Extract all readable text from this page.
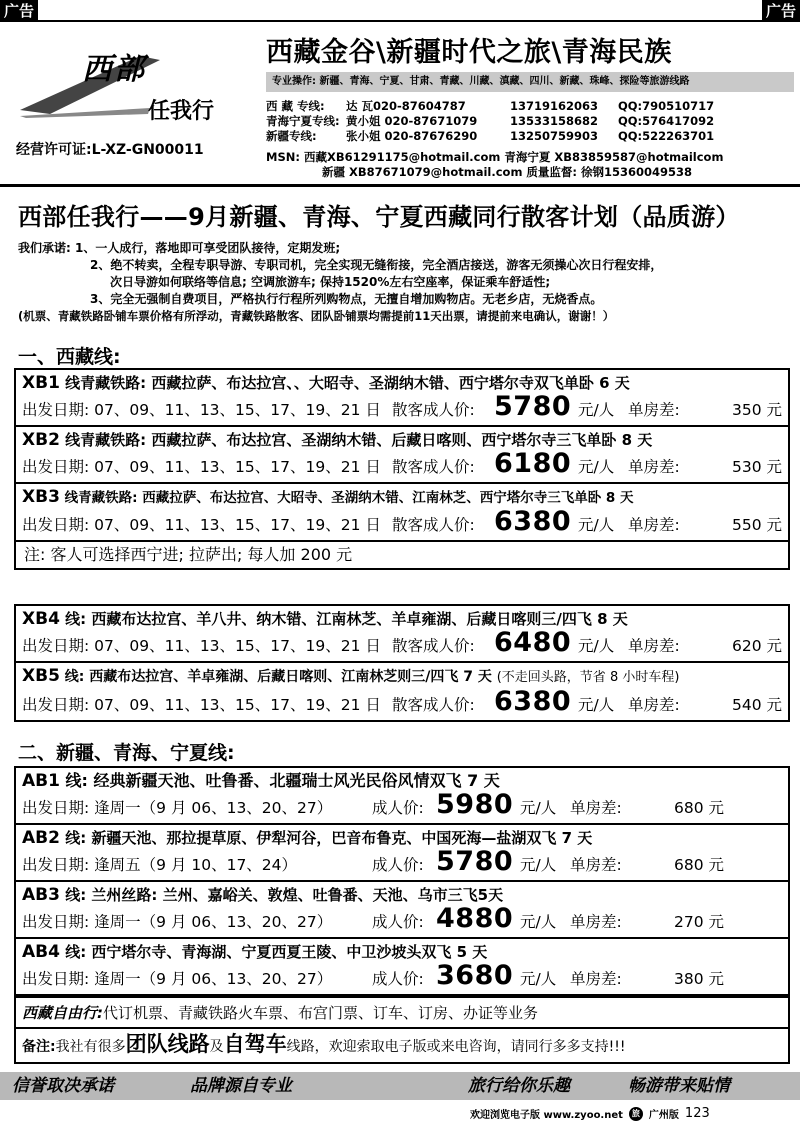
广告	广告
西部
任我行
经营许可证:L-XZ-GN00011
西藏金谷\新疆时代之旅\青海民族
专业操作: 新疆、青海、宁夏、甘肃、青藏、川藏、滇藏、四川、新藏、珠峰、探险等旅游线路
西 藏 专线:	达 瓦020-87604787	13719162063	QQ:790510717
青海宁夏专线: 黄小姐 020-87671079	13533158682	QQ:576417092
新疆专线:	张小姐 020-87676290	13250759903	QQ:522263701
MSN: 西藏XB61291175@hotmail.com 青海宁夏 XB83859587@hotmailcom
新疆 XB87671079@hotmail.com 质量监督: 徐钢15360049538
西部任我行——9月新疆、青海、宁夏西藏同行散客计划（品质游）
我们承诺: 1、一人成行，落地即可享受团队接待，定期发班;
2、绝不转卖，全程专职导游、专职司机，完全实现无缝衔接，完全酒店接送，游客无须操心次日行程安排，
次日导游如何联络等信息; 空调旅游车; 保持1520%左右空座率，保证乘车舒适性;
3、完全无强制自费项目，严格执行行程所列购物点，无擅自增加购物店。无老乡店，无烧香点。
(机票、青藏铁路卧铺车票价格有所浮动，青藏铁路散客、团队卧铺票均需提前11天出票，请提前来电确认，谢谢！）
一、西藏线:
XB1 线青藏铁路: 西藏拉萨、布达拉宫、、大昭寺、圣湖纳木错、西宁塔尔寺双飞单卧 6 天
出发日期: 07、09、11、13、15、17、19、21 日 散客成人价: 5780 元/人 单房差:	350 元
XB2 线青藏铁路: 西藏拉萨、布达拉宫、圣湖纳木错、后藏日喀则、西宁塔尔寺三飞单卧 8 天
出发日期: 07、09、11、13、15、17、19、21 日 散客成人价: 6180 元/人 单房差:	530 元
XB3 线青藏铁路: 西藏拉萨、布达拉宫、大昭寺、圣湖纳木错、江南林芝、西宁塔尔寺三飞单卧 8 天
出发日期: 07、09、11、13、15、17、19、21 日 散客成人价: 6380 元/人 单房差:	550 元
注: 客人可选择西宁进; 拉萨出; 每人加 200 元
XB4 线: 西藏布达拉宫、羊八井、纳木错、江南林芝、羊卓雍湖、后藏日喀则三/四飞 8 天
出发日期: 07、09、11、13、15、17、19、21 日 散客成人价: 6480 元/人 单房差:	620 元
XB5 线: 西藏布达拉宫、羊卓雍湖、后藏日喀则、江南林芝则三/四飞 7 天 (不走回头路，节省 8 小时车程)
出发日期: 07、09、11、13、15、17、19、21 日 散客成人价: 6380 元/人 单房差:	540 元
二、新疆、青海、宁夏线:
AB1 线: 经典新疆天池、吐鲁番、北疆瑞士风光民俗风情双飞 7 天
出发日期: 逢周一（9 月 06、13、20、27）	成人价: 5980 元/人 单房差:	680 元
AB2 线: 新疆天池、那拉提草原、伊犁河谷，巴音布鲁克、中国死海—盐湖双飞 7 天
出发日期: 逢周五（9 月 10、17、24）	成人价: 5780 元/人 单房差:	680 元
AB3 线: 兰州丝路: 兰州、嘉峪关、敦煌、吐鲁番、天池、乌市三飞5天
出发日期: 逢周一（9 月 06、13、20、27）	成人价: 4880 元/人 单房差:	270 元
AB4 线: 西宁塔尔寺、青海湖、宁夏西夏王陵、中卫沙坡头双飞 5 天
出发日期: 逢周一（9 月 06、13、20、27）	成人价: 3680 元/人 单房差:	380 元
西藏自由行:代订机票、青藏铁路火车票、布宫门票、订车、订房、办证等业务
备注:我社有很多团队线路及自驾车线路，欢迎索取电子版或来电咨询，请同行多多支持!!!
信誉取决承诺	品牌源自专业	旅行给你乐趣	畅游带来贴情
欢迎浏览电子版 www.zyoo.net	旅 广州版 123
